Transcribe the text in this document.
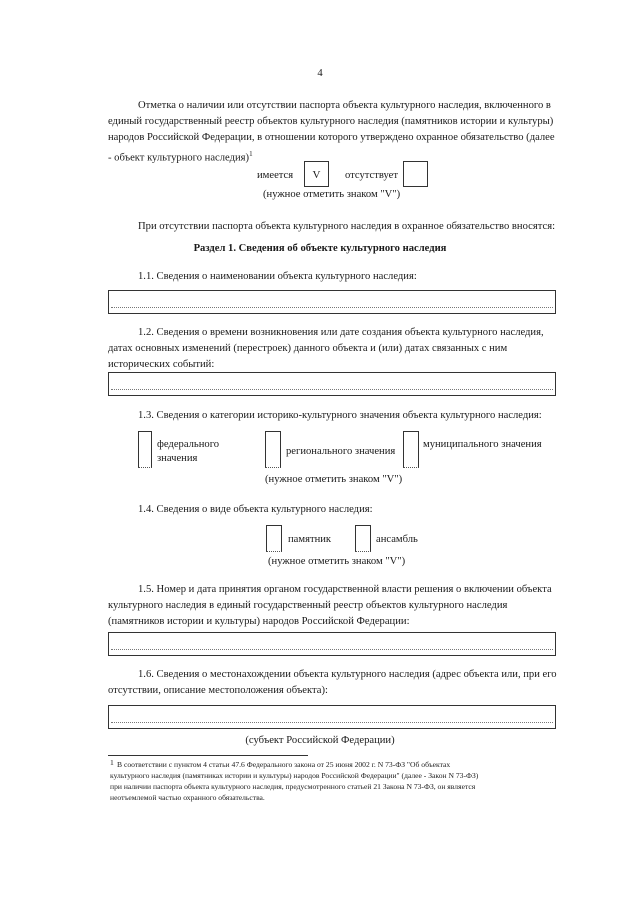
4
Отметка о наличии или отсутствии паспорта объекта культурного наследия, включенного в
единый государственный реестр объектов культурного наследия (памятников истории и культуры)
народов Российской Федерации, в отношении которого утверждено охранное обязательство (далее
- объект культурного наследия)$^1$
имеется	V	отсутствует
(нужное отметить знаком "V")
При отсутствии паспорта объекта культурного наследия в охранное обязательство вносятся:
Раздел 1. Сведения об объекте культурного наследия
1.1. Сведения о наименовании объекта культурного наследия:
1.2. Сведения о времени возникновения или дате создания объекта культурного наследия,
датах основных изменений (перестроек) данного объекта и (или) датах связанных с ним
исторических событий:
1.3. Сведения о категории историко-культурного значения объекта культурного наследия:
федерального
значения
регионального значения
муниципального значения
(нужное отметить знаком "V")
1.4. Сведения о виде объекта культурного наследия:
памятник	ансамбль
(нужное отметить знаком "V")
1.5. Номер и дата принятия органом государственной власти решения о включении объекта
культурного наследия в единый государственный реестр объектов культурного наследия
(памятников истории и культуры) народов Российской Федерации:
1.6. Сведения о местонахождении объекта культурного наследия (адрес объекта или, при его
отсутствии, описание местоположения объекта):
(субъект Российской Федерации)
1 В соответствии с пунктом 4 статьи 47.6 Федерального закона от 25 июня 2002 г. N 73-ФЗ "Об объектах
культурного наследия (памятниках истории и культуры) народов Российской Федерации" (далее - Закон N 73-ФЗ)
при наличии паспорта объекта культурного наследия, предусмотренного статьей 21 Закона N 73-ФЗ, он является
неотъемлемой частью охранного обязательства.
